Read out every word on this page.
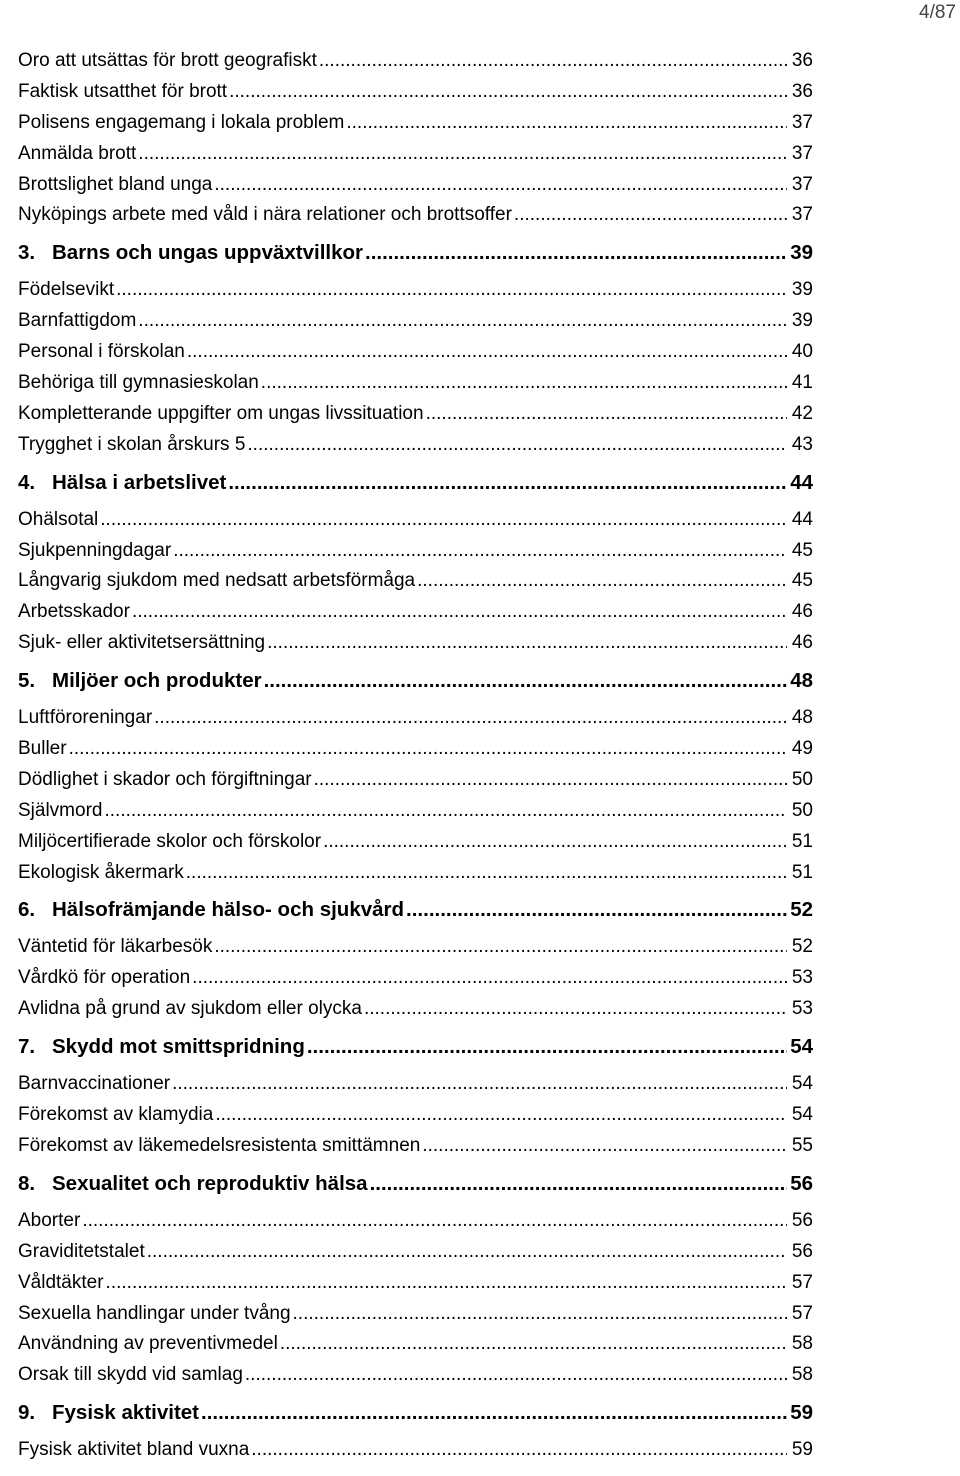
4/87
Oro att utsättas för brott geografiskt .....	36
Faktisk utsatthet för brott .....	36
Polisens engagemang i lokala problem .....	37
Anmälda brott .....	37
Brottslighet bland unga .....	37
Nyköpings arbete med våld i nära relationer och brottsoffer .....	37
3. Barns och ungas uppväxtvillkor .....	39
Födelsevikt .....	39
Barnfattigdom .....	39
Personal i förskolan .....	40
Behöriga till gymnasieskolan .....	41
Kompletterande uppgifter om ungas livssituation .....	42
Trygghet i skolan årskurs 5 .....	43
4. Hälsa i arbetslivet .....	44
Ohälsotal .....	44
Sjukpenningdagar .....	45
Långvarig sjukdom med nedsatt arbetsförmåga .....	45
Arbetsskador .....	46
Sjuk- eller aktivitetsersättning .....	46
5. Miljöer och produkter .....	48
Luftföroreningar .....	48
Buller .....	49
Dödlighet i skador och förgiftningar .....	50
Självmord .....	50
Miljöcertifierade skolor och förskolor .....	51
Ekologisk åkermark .....	51
6. Hälsofrämjande hälso- och sjukvård .....	52
Väntetid för läkarbesök .....	52
Vårdkö för operation .....	53
Avlidna på grund av sjukdom eller olycka .....	53
7. Skydd mot smittspridning .....	54
Barnvaccinationer .....	54
Förekomst av klamydia .....	54
Förekomst av läkemedelsresistenta smittämnen .....	55
8. Sexualitet och reproduktiv hälsa .....	56
Aborter .....	56
Graviditetstalet .....	56
Våldtäkter .....	57
Sexuella handlingar under tvång .....	57
Användning av preventivmedel .....	58
Orsak till skydd vid samlag .....	58
9. Fysisk aktivitet .....	59
Fysisk aktivitet bland vuxna .....	59
